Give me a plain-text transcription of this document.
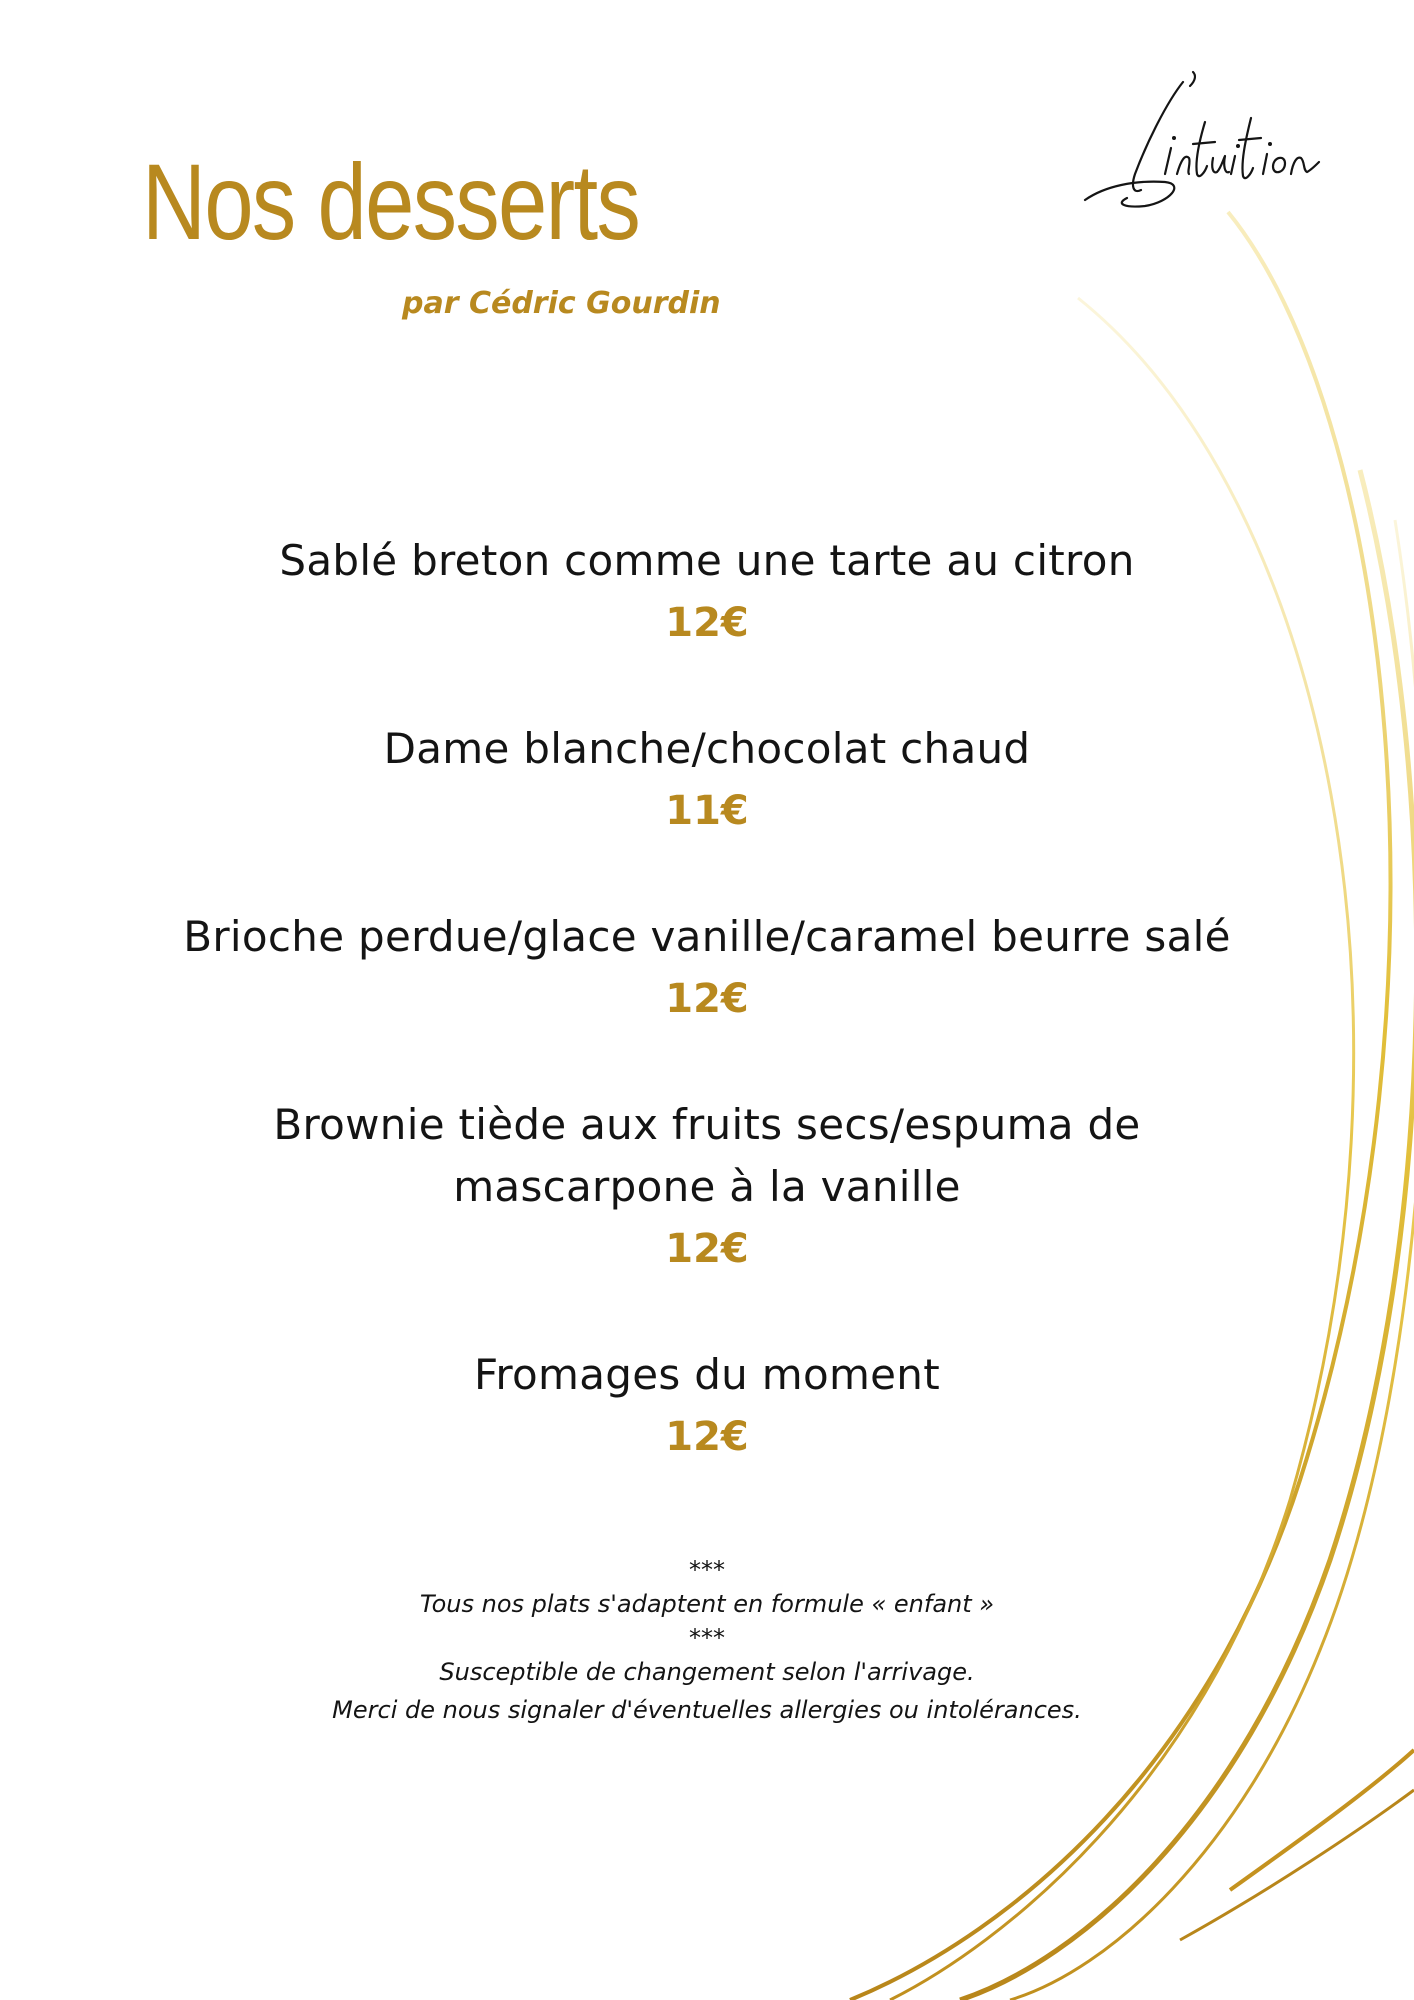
Nos desserts
par Cédric Gourdin
Sablé breton comme une tarte au citron
12€
Dame blanche/chocolat chaud
11€
Brioche perdue/glace vanille/caramel beurre salé
12€
Brownie tiède aux fruits secs/espuma de
mascarpone à la vanille
12€
Fromages du moment
12€
***
Tous nos plats s'adaptent en formule « enfant »
***
Susceptible de changement selon l'arrivage.
Merci de nous signaler d'éventuelles allergies ou intolérances.
